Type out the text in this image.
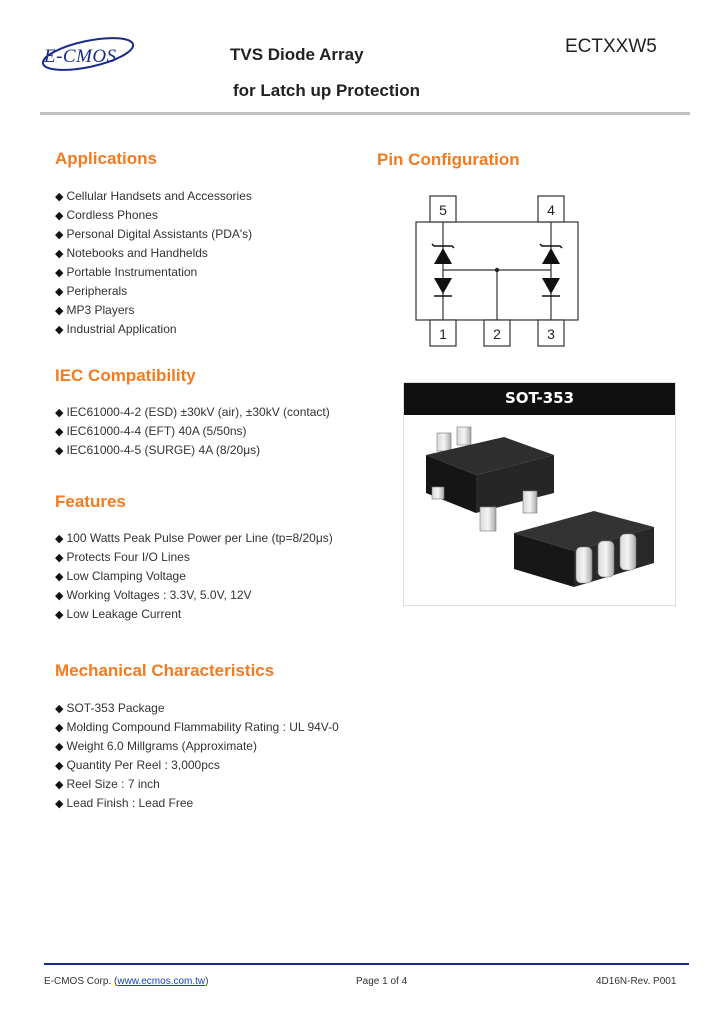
E-CMOS	TVS Diode Array
for Latch up Protection
ECTXXW5
Applications
◆ Cellular Handsets and Accessories
◆ Cordless Phones
◆ Personal Digital Assistants (PDA's)
◆ Notebooks and Handhelds
◆ Portable Instrumentation
◆ Peripherals
◆ MP3 Players
◆ Industrial Application
IEC Compatibility
◆ IEC61000-4-2 (ESD) ±30kV (air), ±30kV (contact)
◆ IEC61000-4-4 (EFT) 40A (5/50ns)
◆ IEC61000-4-5 (SURGE) 4A (8/20μs)
Features
◆ 100 Watts Peak Pulse Power per Line (tp=8/20μs)
◆ Protects Four I/O Lines
◆ Low Clamping Voltage
◆ Working Voltages : 3.3V, 5.0V, 12V
◆ Low Leakage Current
Mechanical Characteristics
◆ SOT-353 Package
◆ Molding Compound Flammability Rating : UL 94V-0
◆ Weight 6.0 Millgrams (Approximate)
◆ Quantity Per Reel : 3,000pcs
◆ Reel Size : 7 inch
◆ Lead Finish : Lead Free
Pin Configuration
5	4
1	2	3
SOT-353
E-CMOS Corp. (www.ecmos.com.tw)	Page 1 of 4	4D16N-Rev. P001
